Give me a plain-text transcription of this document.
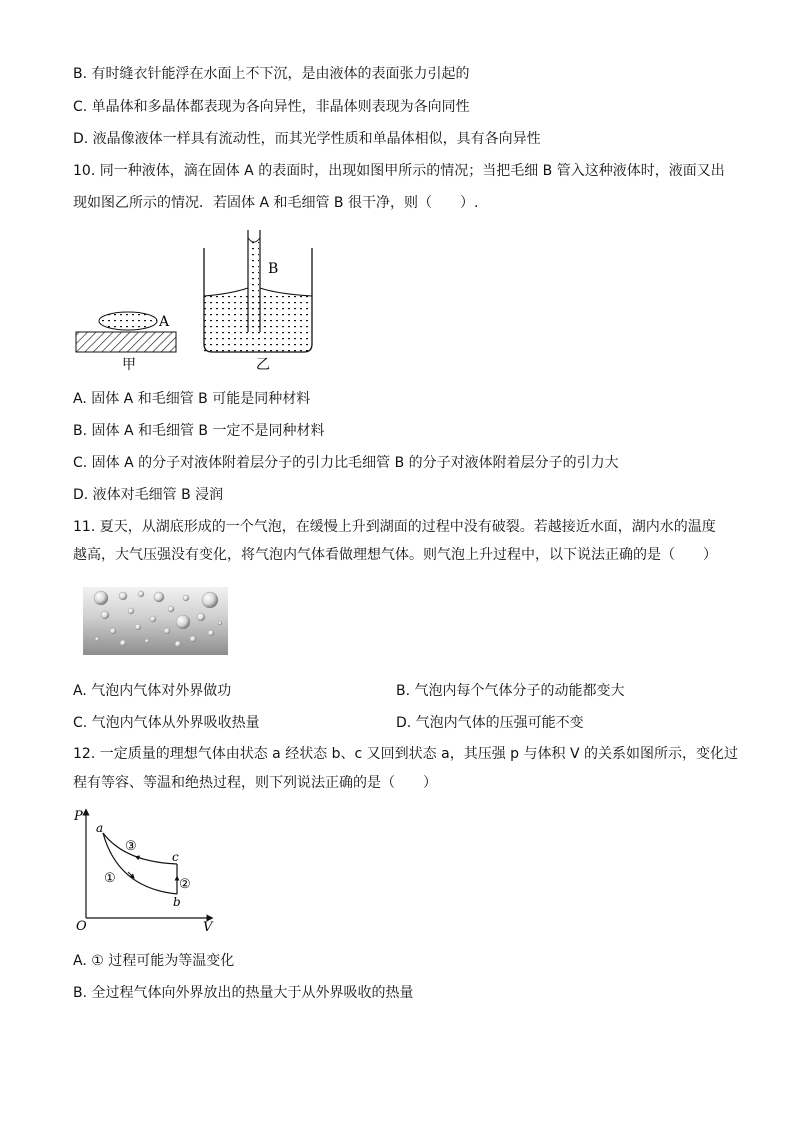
B. 有时缝衣针能浮在水面上不下沉，是由液体的表面张力引起的
C. 单晶体和多晶体都表现为各向异性，非晶体则表现为各向同性
D. 液晶像液体一样具有流动性，而其光学性质和单晶体相似，具有各向异性
10. 同一种液体，滴在固体 A 的表面时，出现如图甲所示的情况；当把毛细 B 管入这种液体时，液面又出
现如图乙所示的情况．若固体 A 和毛细管 B 很干净，则（　　）.
A
甲
B
乙
A. 固体 A 和毛细管 B 可能是同种材料
B. 固体 A 和毛细管 B 一定不是同种材料
C. 固体 A 的分子对液体附着层分子的引力比毛细管 B 的分子对液体附着层分子的引力大
D. 液体对毛细管 B 浸润
11. 夏天，从湖底形成的一个气泡，在缓慢上升到湖面的过程中没有破裂。若越接近水面，湖内水的温度
越高，大气压强没有变化，将气泡内气体看做理想气体。则气泡上升过程中，以下说法正确的是（　　）
A. 气泡内气体对外界做功	B. 气泡内每个气体分子的动能都变大
C. 气泡内气体从外界吸收热量	D. 气泡内气体的压强可能不变
12. 一定质量的理想气体由状态 a 经状态 b、c 又回到状态 a，其压强 p 与体积 V 的关系如图所示，变化过
程有等容、等温和绝热过程，则下列说法正确的是（　　）
P
V
O
a
b
c
①	②
③
A. ① 过程可能为等温变化
B. 全过程气体向外界放出的热量大于从外界吸收的热量
